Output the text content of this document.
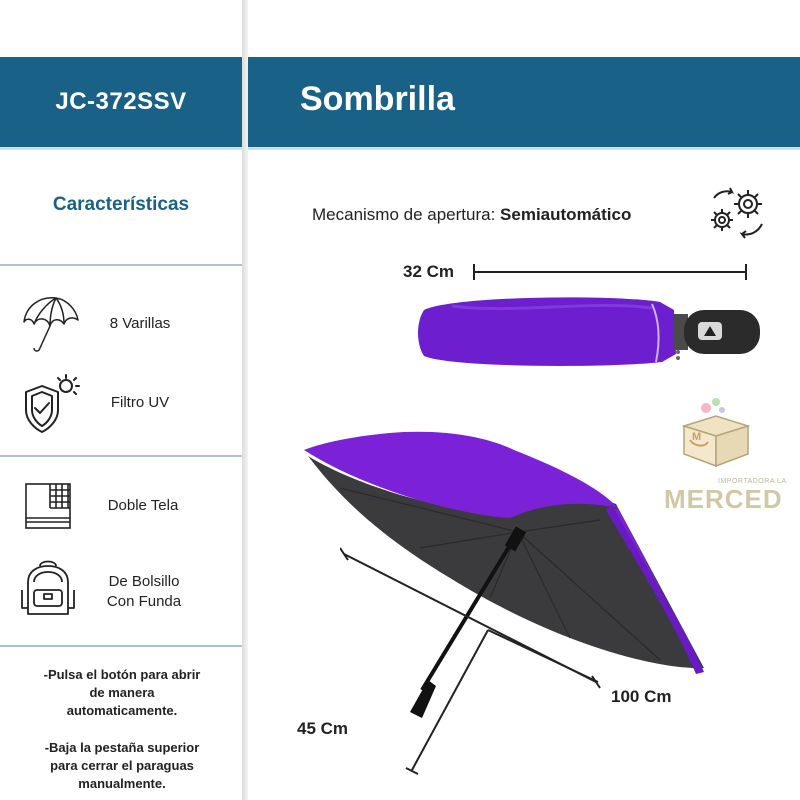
JC-372SSV	Sombrilla
Características
8 Varillas
Filtro UV
Doble Tela
De Bolsillo
Con Funda
-Pulsa el botón para abrir
de manera
automaticamente.
-Baja la pestaña superior
para cerrar el paraguas
manualmente.
Mecanismo de apertura: Semiautomático
32 Cm
M
IMPORTADORA LA
MERCED
100 Cm
45 Cm
